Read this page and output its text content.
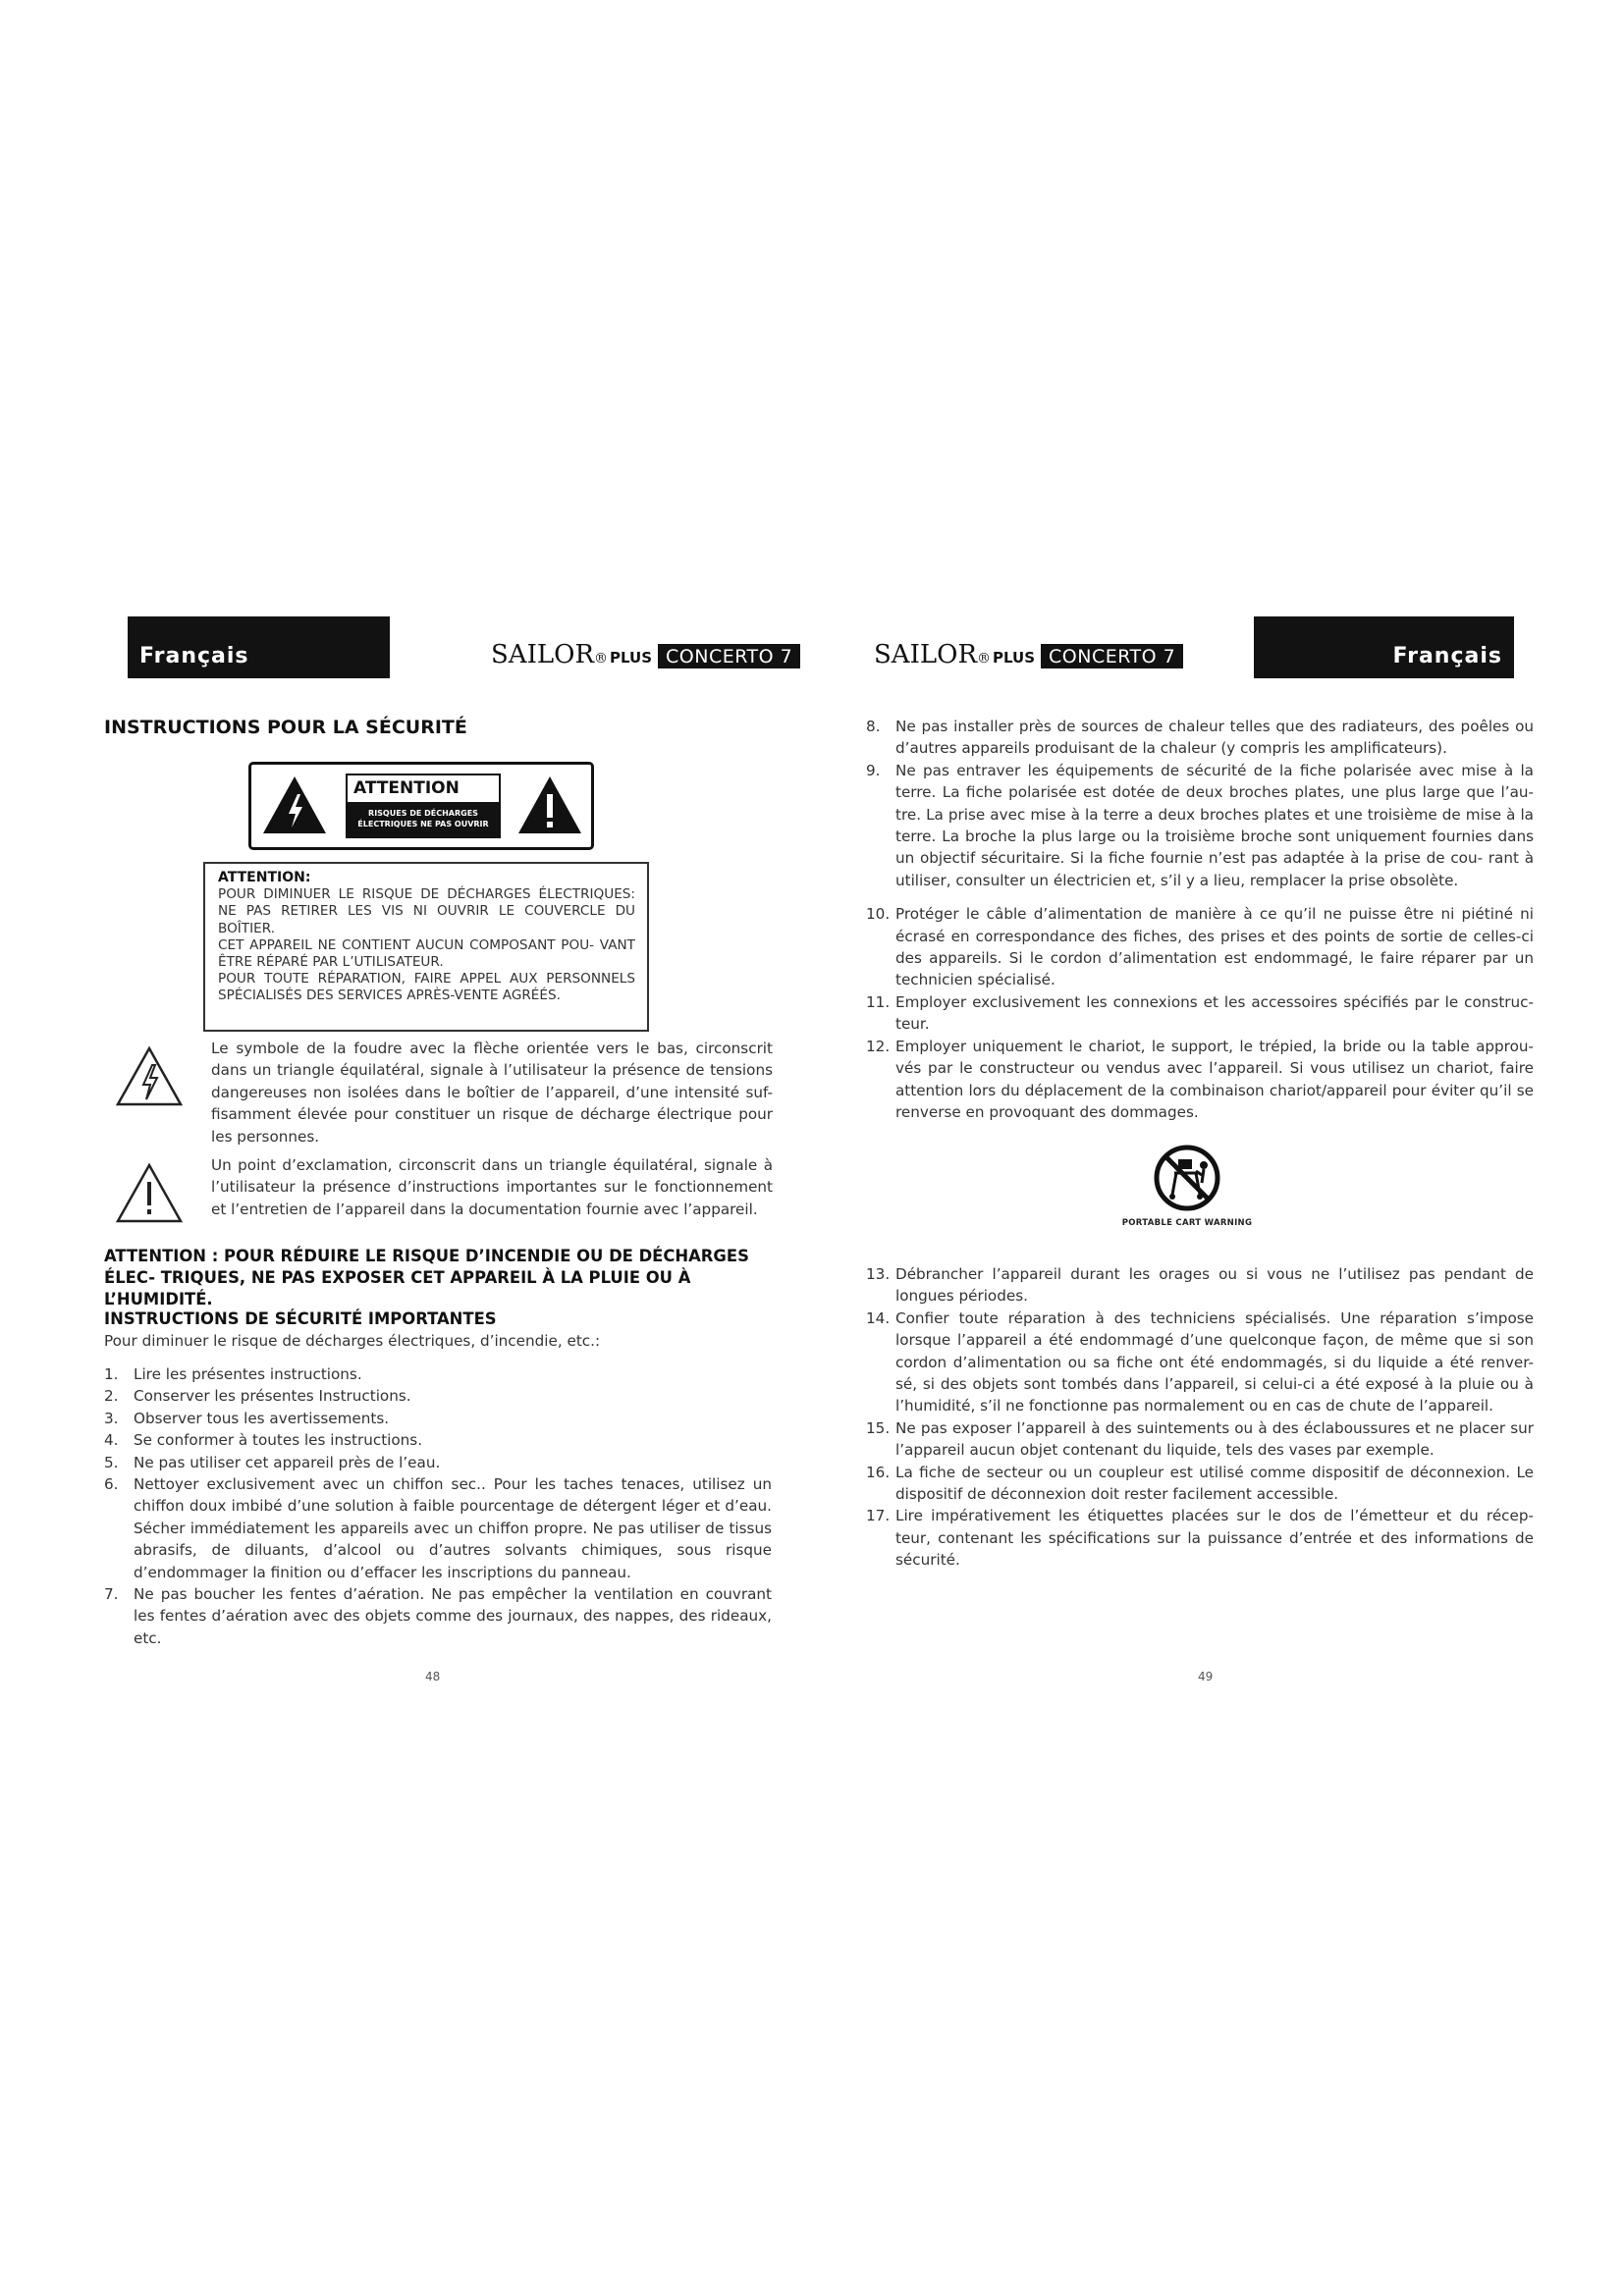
Français	SAILOR ® PLUS CONCERTO 7
INSTRUCTIONS POUR LA SÉCURITÉ
ATTENTION
RISQUES DE DÉCHARGES
ÉLECTRIQUES NE PAS OUVRIR
ATTENTION:

POUR DIMINUER LE RISQUE DE DÉCHARGES ÉLECTRIQUES: NE PAS RETIRER LES VIS NI OUVRIR LE COUVERCLE DU BOÎTIER.

CET APPAREIL NE CONTIENT AUCUN COMPOSANT POU- VANT ÊTRE RÉPARÉ PAR L’UTILISATEUR.

POUR TOUTE RÉPARATION, FAIRE APPEL AUX PERSONNELS SPÉCIALISÉS DES SERVICES APRÈS-VENTE AGRÉÉS.

Le symbole de la foudre avec la flèche orientée vers le bas, circonscrit dans un triangle équilatéral, signale à l’utilisateur la présence de tensions dangereuses non isolées dans le boîtier de l’appareil, d’une intensité suf- fisamment élevée pour constituer un risque de décharge électrique pour les personnes.
Un point d’exclamation, circonscrit dans un triangle équilatéral, signale à l’utilisateur la présence d’instructions importantes sur le fonctionnement et l’entretien de l’appareil dans la documentation fournie avec l’appareil.
ATTENTION : POUR RÉDUIRE LE RISQUE D’INCENDIE OU DE DÉCHARGES ÉLEC- TRIQUES, NE PAS EXPOSER CET APPAREIL À LA PLUIE OU À L’HUMIDITÉ.
INSTRUCTIONS DE SÉCURITÉ IMPORTANTES
Pour diminuer le risque de décharges électriques, d’incendie, etc.:
1. Lire les présentes instructions.
2. Conserver les présentes Instructions.
3. Observer tous les avertissements.
4. Se conformer à toutes les instructions.
5. Ne pas utiliser cet appareil près de l’eau.
6. Nettoyer exclusivement avec un chiffon sec.. Pour les taches tenaces, utilisez un chiffon doux imbibé d’une solution à faible pourcentage de détergent léger et d’eau. Sécher immédiatement les appareils avec un chiffon propre. Ne pas utiliser de tissus abrasifs, de diluants, d’alcool ou d’autres solvants chimiques, sous risque d’endommager la finition ou d’effacer les inscriptions du panneau.
7. Ne pas boucher les fentes d’aération. Ne pas empêcher la ventilation en couvrant les fentes d’aération avec des objets comme des journaux, des nappes, des rideaux, etc.
48
SAILOR ® PLUS CONCERTO 7	Français
8. Ne pas installer près de sources de chaleur telles que des radiateurs, des poêles ou d’autres appareils produisant de la chaleur (y compris les amplificateurs).
9. Ne pas entraver les équipements de sécurité de la fiche polarisée avec mise à la terre. La fiche polarisée est dotée de deux broches plates, une plus large que l’au- tre. La prise avec mise à la terre a deux broches plates et une troisième de mise à la terre. La broche la plus large ou la troisième broche sont uniquement fournies dans un objectif sécuritaire. Si la fiche fournie n’est pas adaptée à la prise de cou- rant à utiliser, consulter un électricien et, s’il y a lieu, remplacer la prise obsolète.
10. Protéger le câble d’alimentation de manière à ce qu’il ne puisse être ni piétiné ni écrasé en correspondance des fiches, des prises et des points de sortie de celles-ci des appareils. Si le cordon d’alimentation est endommagé, le faire réparer par un technicien spécialisé.
11. Employer exclusivement les connexions et les accessoires spécifiés par le construc- teur.
12. Employer uniquement le chariot, le support, le trépied, la bride ou la table approu- vés par le constructeur ou vendus avec l’appareil. Si vous utilisez un chariot, faire attention lors du déplacement de la combinaison chariot/appareil pour éviter qu’il se renverse en provoquant des dommages.
PORTABLE CART WARNING
13. Débrancher l’appareil durant les orages ou si vous ne l’utilisez pas pendant de longues périodes.
14. Confier toute réparation à des techniciens spécialisés. Une réparation s’impose lorsque l’appareil a été endommagé d’une quelconque façon, de même que si son cordon d’alimentation ou sa fiche ont été endommagés, si du liquide a été renver- sé, si des objets sont tombés dans l’appareil, si celui-ci a été exposé à la pluie ou à l’humidité, s’il ne fonctionne pas normalement ou en cas de chute de l’appareil.
15. Ne pas exposer l’appareil à des suintements ou à des éclaboussures et ne placer sur l’appareil aucun objet contenant du liquide, tels des vases par exemple.
16. La fiche de secteur ou un coupleur est utilisé comme dispositif de déconnexion. Le dispositif de déconnexion doit rester facilement accessible.
17. Lire impérativement les étiquettes placées sur le dos de l’émetteur et du récep- teur, contenant les spécifications sur la puissance d’entrée et des informations de sécurité.
49
